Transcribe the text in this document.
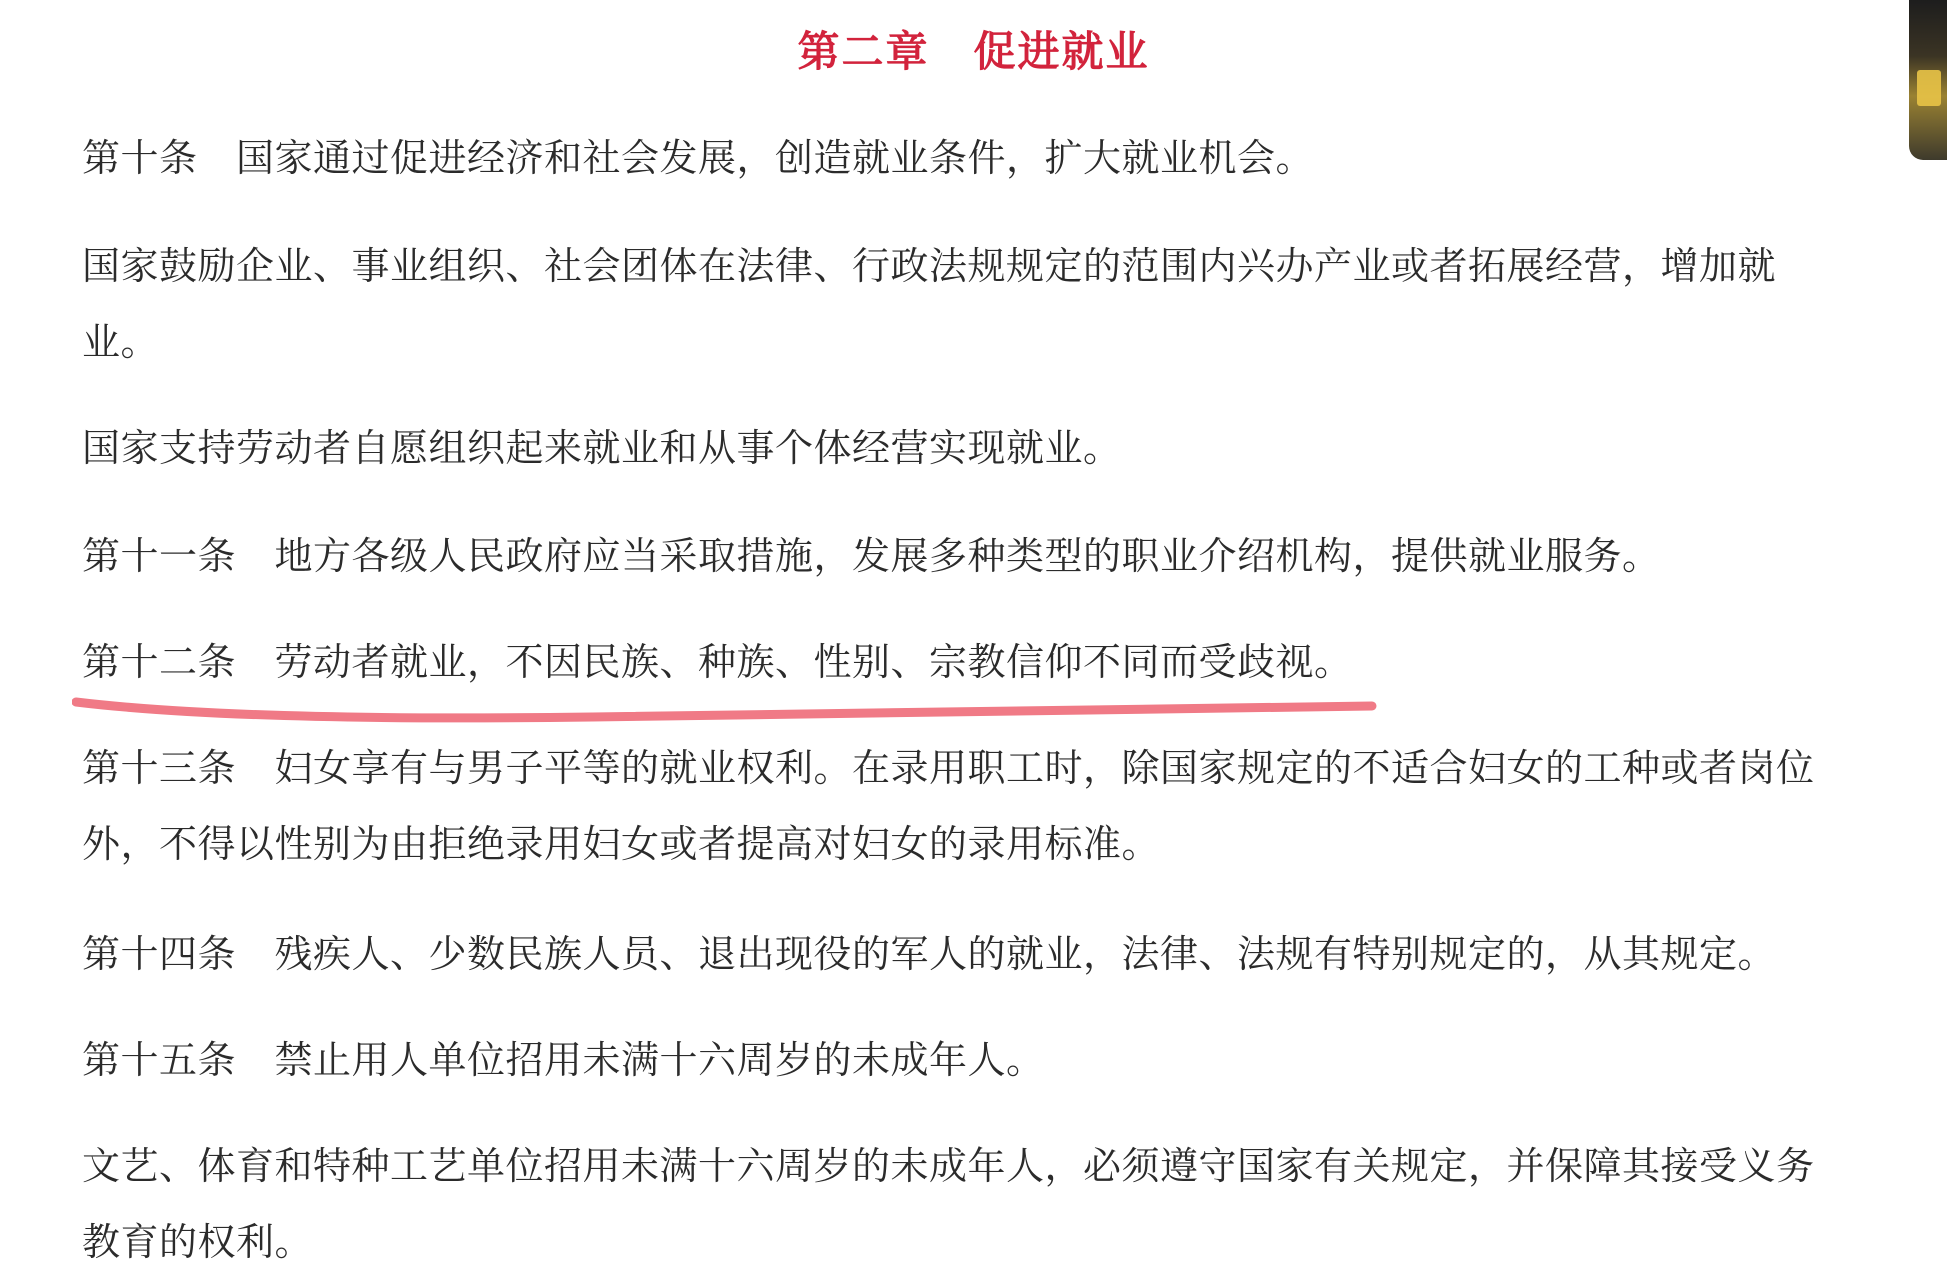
第二章　促进就业

第十条　国家通过促进经济和社会发展，创造就业条件，扩大就业机会。

国家鼓励企业、事业组织、社会团体在法律、行政法规规定的范围内兴办产业或者拓展经营，增加就业。

国家支持劳动者自愿组织起来就业和从事个体经营实现就业。

第十一条　地方各级人民政府应当采取措施，发展多种类型的职业介绍机构，提供就业服务。

第十二条　劳动者就业，不因民族、种族、性别、宗教信仰不同而受歧视。

第十三条　妇女享有与男子平等的就业权利。在录用职工时，除国家规定的不适合妇女的工种或者岗位外，不得以性别为由拒绝录用妇女或者提高对妇女的录用标准。

第十四条　残疾人、少数民族人员、退出现役的军人的就业，法律、法规有特别规定的，从其规定。

第十五条　禁止用人单位招用未满十六周岁的未成年人。

文艺、体育和特种工艺单位招用未满十六周岁的未成年人，必须遵守国家有关规定，并保障其接受义务教育的权利。
